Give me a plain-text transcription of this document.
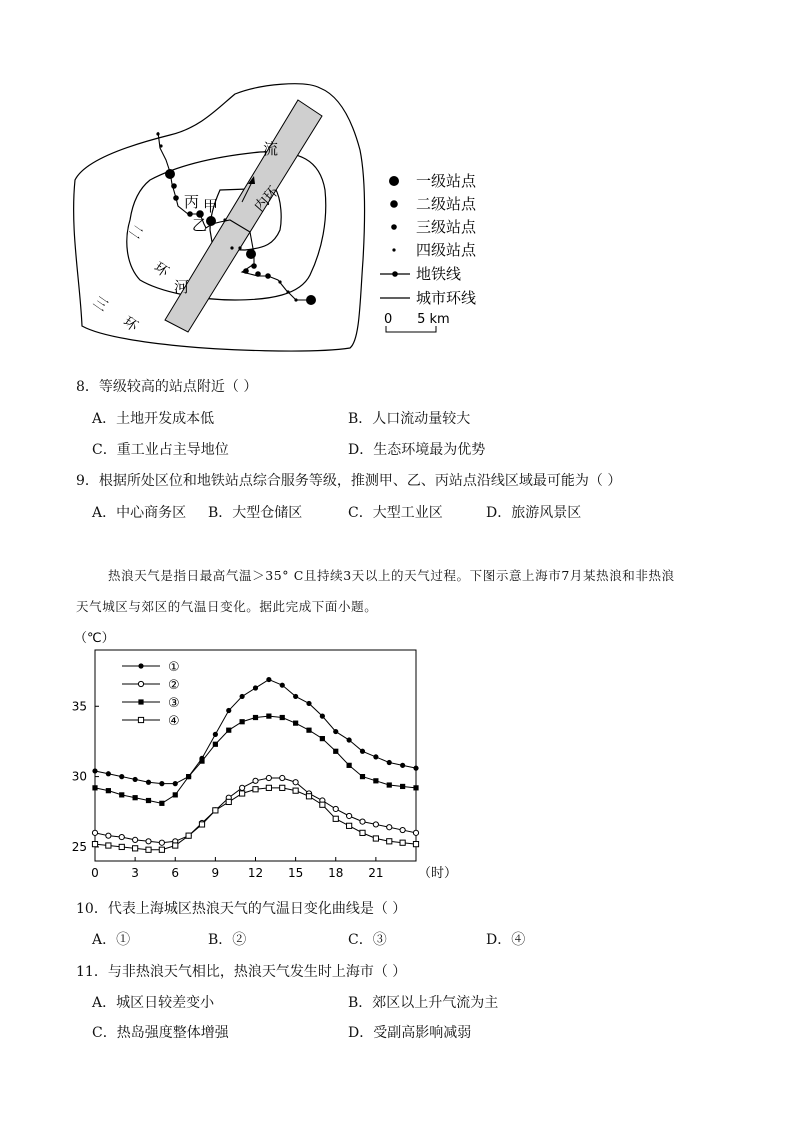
流
内环
丙 甲
乙
二
环
河
三
环
一级站点
二级站点
三级站点
四级站点
地铁线
城市环线
0      5 km
8．等级较高的站点附近（ ）
A．土地开发成本低	B．人口流动量较大
C．重工业占主导地位	D．生态环境最为优势
9．根据所处区位和地铁站点综合服务等级，推测甲、乙、丙站点沿线区域最可能为（ ）
A．中心商务区 B．大型仓储区	C．大型工业区	D．旅游风景区
热浪天气是指日最高气温＞35° C且持续3天以上的天气过程。下图示意上海市7月某热浪和非热浪
天气城区与郊区的气温日变化。据此完成下面小题。
（℃）
（时）
0	3	6	9 12 15 18 21
25
30
35
①
②
③
④
10．代表上海城区热浪天气的气温日变化曲线是（ ）
A．①	B．②	C．③	D．④
11．与非热浪天气相比，热浪天气发生时上海市（ ）
A．城区日较差变小	B．郊区以上升气流为主
C．热岛强度整体增强	D．受副高影响减弱
